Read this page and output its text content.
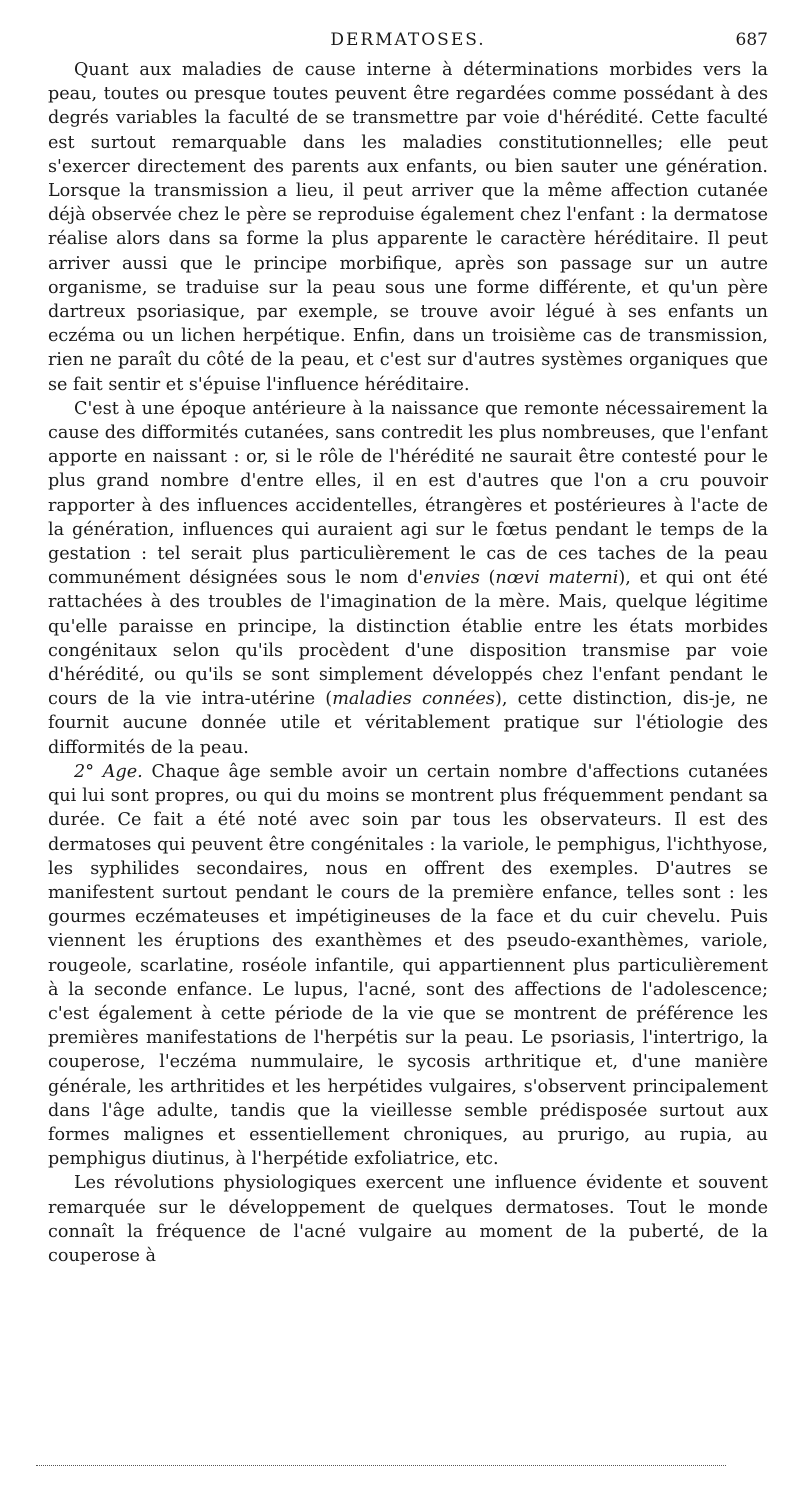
DERMATOSES.	687

Quant aux maladies de cause interne à déterminations morbides vers la peau, toutes ou presque toutes peuvent être regardées comme possédant à des degrés variables la faculté de se transmettre par voie d'hérédité. Cette faculté est surtout remarquable dans les maladies constitutionnelles; elle peut s'exercer directement des parents aux enfants, ou bien sauter une génération. Lorsque la transmission a lieu, il peut arriver que la même affection cutanée déjà observée chez le père se reproduise également chez l'enfant : la dermatose réalise alors dans sa forme la plus apparente le caractère héréditaire. Il peut arriver aussi que le principe morbifique, après son passage sur un autre organisme, se traduise sur la peau sous une forme différente, et qu'un père dartreux psoriasique, par exemple, se trouve avoir légué à ses enfants un eczéma ou un lichen herpétique. Enfin, dans un troisième cas de transmission, rien ne paraît du côté de la peau, et c'est sur d'autres systèmes organiques que se fait sentir et s'épuise l'influence héréditaire.

C'est à une époque antérieure à la naissance que remonte nécessairement la cause des difformités cutanées, sans contredit les plus nombreuses, que l'enfant apporte en naissant : or, si le rôle de l'hérédité ne saurait être contesté pour le plus grand nombre d'entre elles, il en est d'autres que l'on a cru pouvoir rapporter à des influences accidentelles, étrangères et postérieures à l'acte de la génération, influences qui auraient agi sur le fœtus pendant le temps de la gestation : tel serait plus particulièrement le cas de ces taches de la peau communément désignées sous le nom d'envies (nœvi materni), et qui ont été rattachées à des troubles de l'imagination de la mère. Mais, quelque légitime qu'elle paraisse en principe, la distinction établie entre les états morbides congénitaux selon qu'ils procèdent d'une disposition transmise par voie d'hérédité, ou qu'ils se sont simplement développés chez l'enfant pendant le cours de la vie intra-utérine (maladies connées), cette distinction, dis-je, ne fournit aucune donnée utile et véritablement pratique sur l'étiologie des difformités de la peau.

2° Age. Chaque âge semble avoir un certain nombre d'affections cutanées qui lui sont propres, ou qui du moins se montrent plus fréquemment pendant sa durée. Ce fait a été noté avec soin par tous les observateurs. Il est des dermatoses qui peuvent être congénitales : la variole, le pemphigus, l'ichthyose, les syphilides secondaires, nous en offrent des exemples. D'autres se manifestent surtout pendant le cours de la première enfance, telles sont : les gourmes eczémateuses et impétigineuses de la face et du cuir chevelu. Puis viennent les éruptions des exanthèmes et des pseudo-exanthèmes, variole, rougeole, scarlatine, roséole infantile, qui appartiennent plus particulièrement à la seconde enfance. Le lupus, l'acné, sont des affections de l'adolescence; c'est également à cette période de la vie que se montrent de préférence les premières manifestations de l'herpétis sur la peau. Le psoriasis, l'intertrigo, la couperose, l'eczéma nummulaire, le sycosis arthritique et, d'une manière générale, les arthritides et les herpétides vulgaires, s'observent principalement dans l'âge adulte, tandis que la vieillesse semble prédisposée surtout aux formes malignes et essentiellement chroniques, au prurigo, au rupia, au pemphigus diutinus, à l'herpétide exfoliatrice, etc.

Les révolutions physiologiques exercent une influence évidente et souvent remarquée sur le développement de quelques dermatoses. Tout le monde connaît la fréquence de l'acné vulgaire au moment de la puberté, de la couperose à
